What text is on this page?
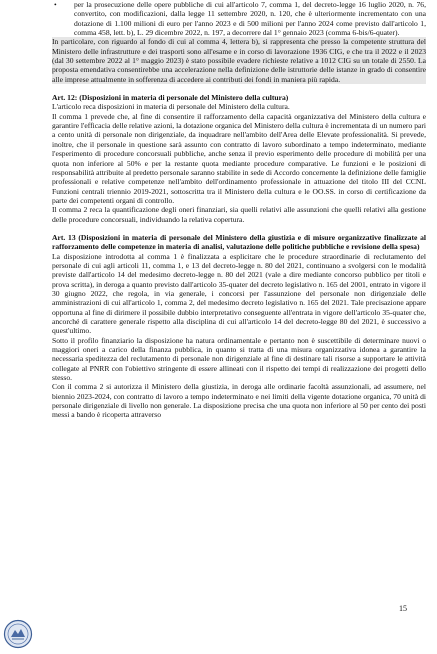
•	per la prosecuzione delle opere pubbliche di cui all'articolo 7, comma 1, del decreto-legge 16 luglio 2020, n. 76, convertito, con modificazioni, dalla legge 11 settembre 2020, n. 120, che è ulteriormente incrementato con una dotazione di 1.100 milioni di euro per l'anno 2023 e di 500 milioni per l'anno 2024 come previsto dall'articolo 1, comma 458, lett. b), L. 29 dicembre 2022, n. 197, a decorrere dal 1° gennaio 2023 (comma 6-bis/6-quater).

In particolare, con riguardo al fondo di cui al comma 4, lettera b), si rappresenta che presso la competente struttura del Ministero delle infrastrutture e dei trasporti sono all'esame e in corso di lavorazione 1936 CIG, e che tra il 2022 e il 2023 (dal 30 settembre 2022 al 1° maggio 2023) è stato possibile evadere richieste relative a 1012 CIG su un totale di 2550. La proposta emendativa consentirebbe una accelerazione nella definizione delle istruttorie delle istanze in grado di consentire alle imprese attualmente in sofferenza di accedere ai contributi dei fondi in maniera più rapida.

Art. 12: (Disposizioni in materia di personale del Ministero della cultura)

L'articolo reca disposizioni in materia di personale del Ministero della cultura.

Il comma 1 prevede che, al fine di consentire il rafforzamento della capacità organizzativa del Ministero della cultura e garantire l'efficacia delle relative azioni, la dotazione organica del Ministero della cultura è incrementata di un numero pari a cento unità di personale non dirigenziale, da inquadrare nell'ambito dell'Area delle Elevate professionalità. Si prevede, inoltre, che il personale in questione sarà assunto con contratto di lavoro subordinato a tempo indeterminato, mediante l'esperimento di procedure concorsuali pubbliche, anche senza il previo esperimento delle procedure di mobilità per una quota non inferiore al 50% e per la restante quota mediante procedure comparative. Le funzioni e le posizioni di responsabilità attribuite al predetto personale saranno stabilite in sede di Accordo concernente la definizione delle famiglie professionali e relative competenze nell'ambito dell'ordinamento professionale in attuazione del titolo III del CCNL Funzioni centrali triennio 2019-2021, sottoscritta tra il Ministero della cultura e le OO.SS. in corso di certificazione da parte dei competenti organi di controllo.

Il comma 2 reca la quantificazione degli oneri finanziari, sia quelli relativi alle assunzioni che quelli relativi alla gestione delle procedure concorsuali, individuando la relativa copertura.

Art. 13 (Disposizioni in materia di personale del Ministero della giustizia e di misure organizzative finalizzate al rafforzamento delle competenze in materia di analisi, valutazione delle politiche pubbliche e revisione della spesa)

La disposizione introdotta al comma 1 è finalizzata a esplicitare che le procedure straordinarie di reclutamento del personale di cui agli articoli 11, comma 1, e 13 del decreto-legge n. 80 del 2021, continuano a svolgersi con le modalità previste dall'articolo 14 del medesimo decreto-legge n. 80 del 2021 (vale a dire mediante concorso pubblico per titoli e prova scritta), in deroga a quanto previsto dall'articolo 35-quater del decreto legislativo n. 165 del 2001, entrato in vigore il 30 giugno 2022, che regola, in via generale, i concorsi per l'assunzione del personale non dirigenziale delle amministrazioni di cui all'articolo 1, comma 2, del medesimo decreto legislativo n. 165 del 2021. Tale precisazione appare opportuna al fine di dirimere il possibile dubbio interpretativo conseguente all'entrata in vigore dell'articolo 35-quater che, ancorché di carattere generale rispetto alla disciplina di cui all'articolo 14 del decreto-legge 80 del 2021, è successivo a quest'ultimo.

Sotto il profilo finanziario la disposizione ha natura ordinamentale e pertanto non è suscettibile di determinare nuovi o maggiori oneri a carico della finanza pubblica, in quanto si tratta di una misura organizzativa idonea a garantire la necessaria speditezza del reclutamento di personale non dirigenziale al fine di destinare tali risorse a supportare le attività collegate al PNRR con l'obiettivo stringente di essere allineati con il rispetto dei tempi di realizzazione dei progetti dello stesso.

Con il comma 2 si autorizza il Ministero della giustizia, in deroga alle ordinarie facoltà assunzionali, ad assumere, nel biennio 2023-2024, con contratto di lavoro a tempo indeterminato e nei limiti della vigente dotazione organica, 70 unità di personale dirigenziale di livello non generale. La disposizione precisa che una quota non inferiore al 50 per cento dei posti messi a bando è ricoperta attraverso

15
